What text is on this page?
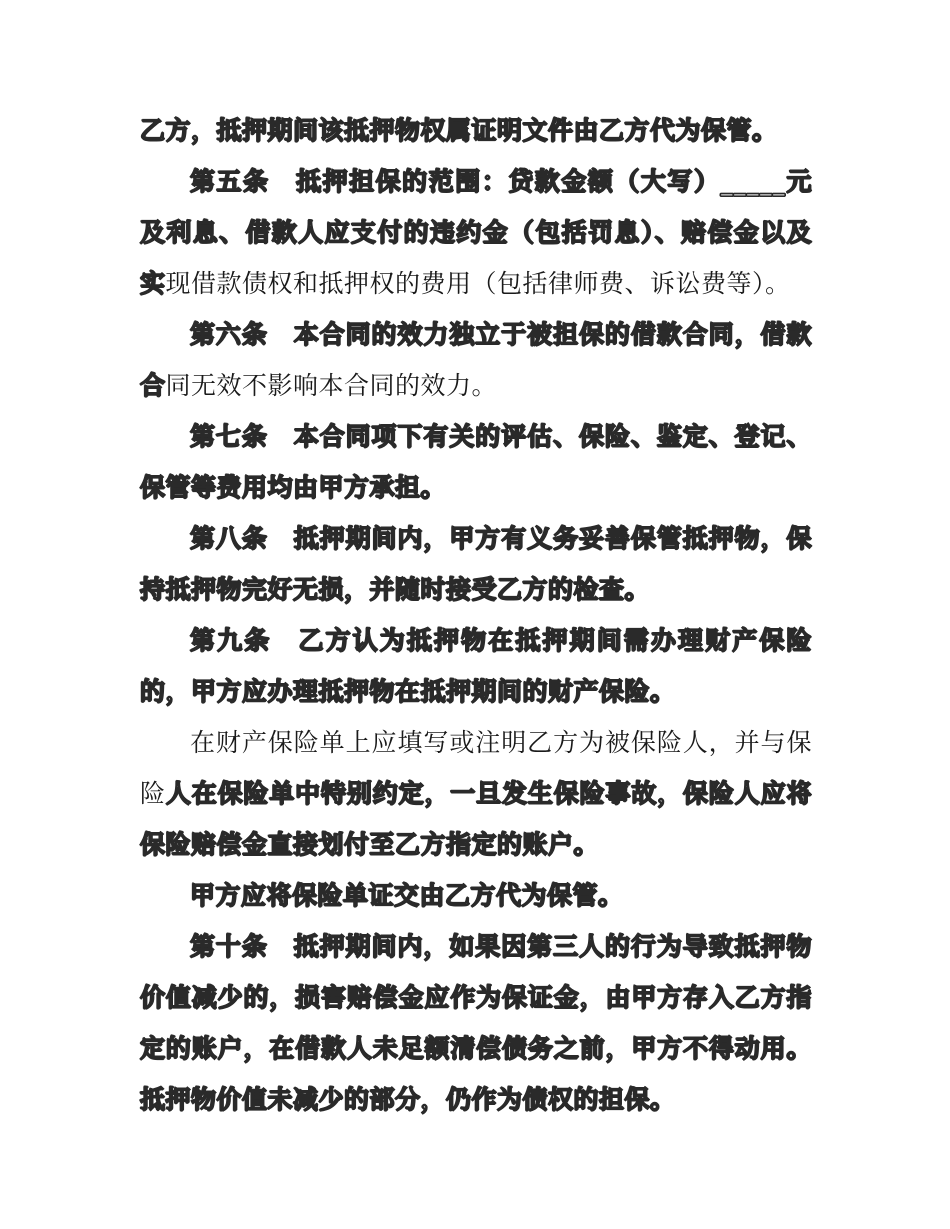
乙方，抵押期间该抵押物权属证明文件由乙方代为保管。

第五条　抵押担保的范围：贷款金额（大写）_____元及利息、借款人应支付的违约金（包括罚息）、赔偿金以及实现借款债权和抵押权的费用（包括律师费、诉讼费等）。

第六条　本合同的效力独立于被担保的借款合同，借款合同无效不影响本合同的效力。

第七条　本合同项下有关的评估、保险、鉴定、登记、保管等费用均由甲方承担。

第八条　抵押期间内，甲方有义务妥善保管抵押物，保持抵押物完好无损，并随时接受乙方的检查。

第九条　乙方认为抵押物在抵押期间需办理财产保险的，甲方应办理抵押物在抵押期间的财产保险。

在财产保险单上应填写或注明乙方为被保险人，并与保险人在保险单中特别约定，一旦发生保险事故，保险人应将保险赔偿金直接划付至乙方指定的账户。

甲方应将保险单证交由乙方代为保管。

第十条　抵押期间内，如果因第三人的行为导致抵押物价值减少的，损害赔偿金应作为保证金，由甲方存入乙方指定的账户，在借款人未足额清偿债务之前，甲方不得动用。抵押物价值未减少的部分，仍作为债权的担保。
